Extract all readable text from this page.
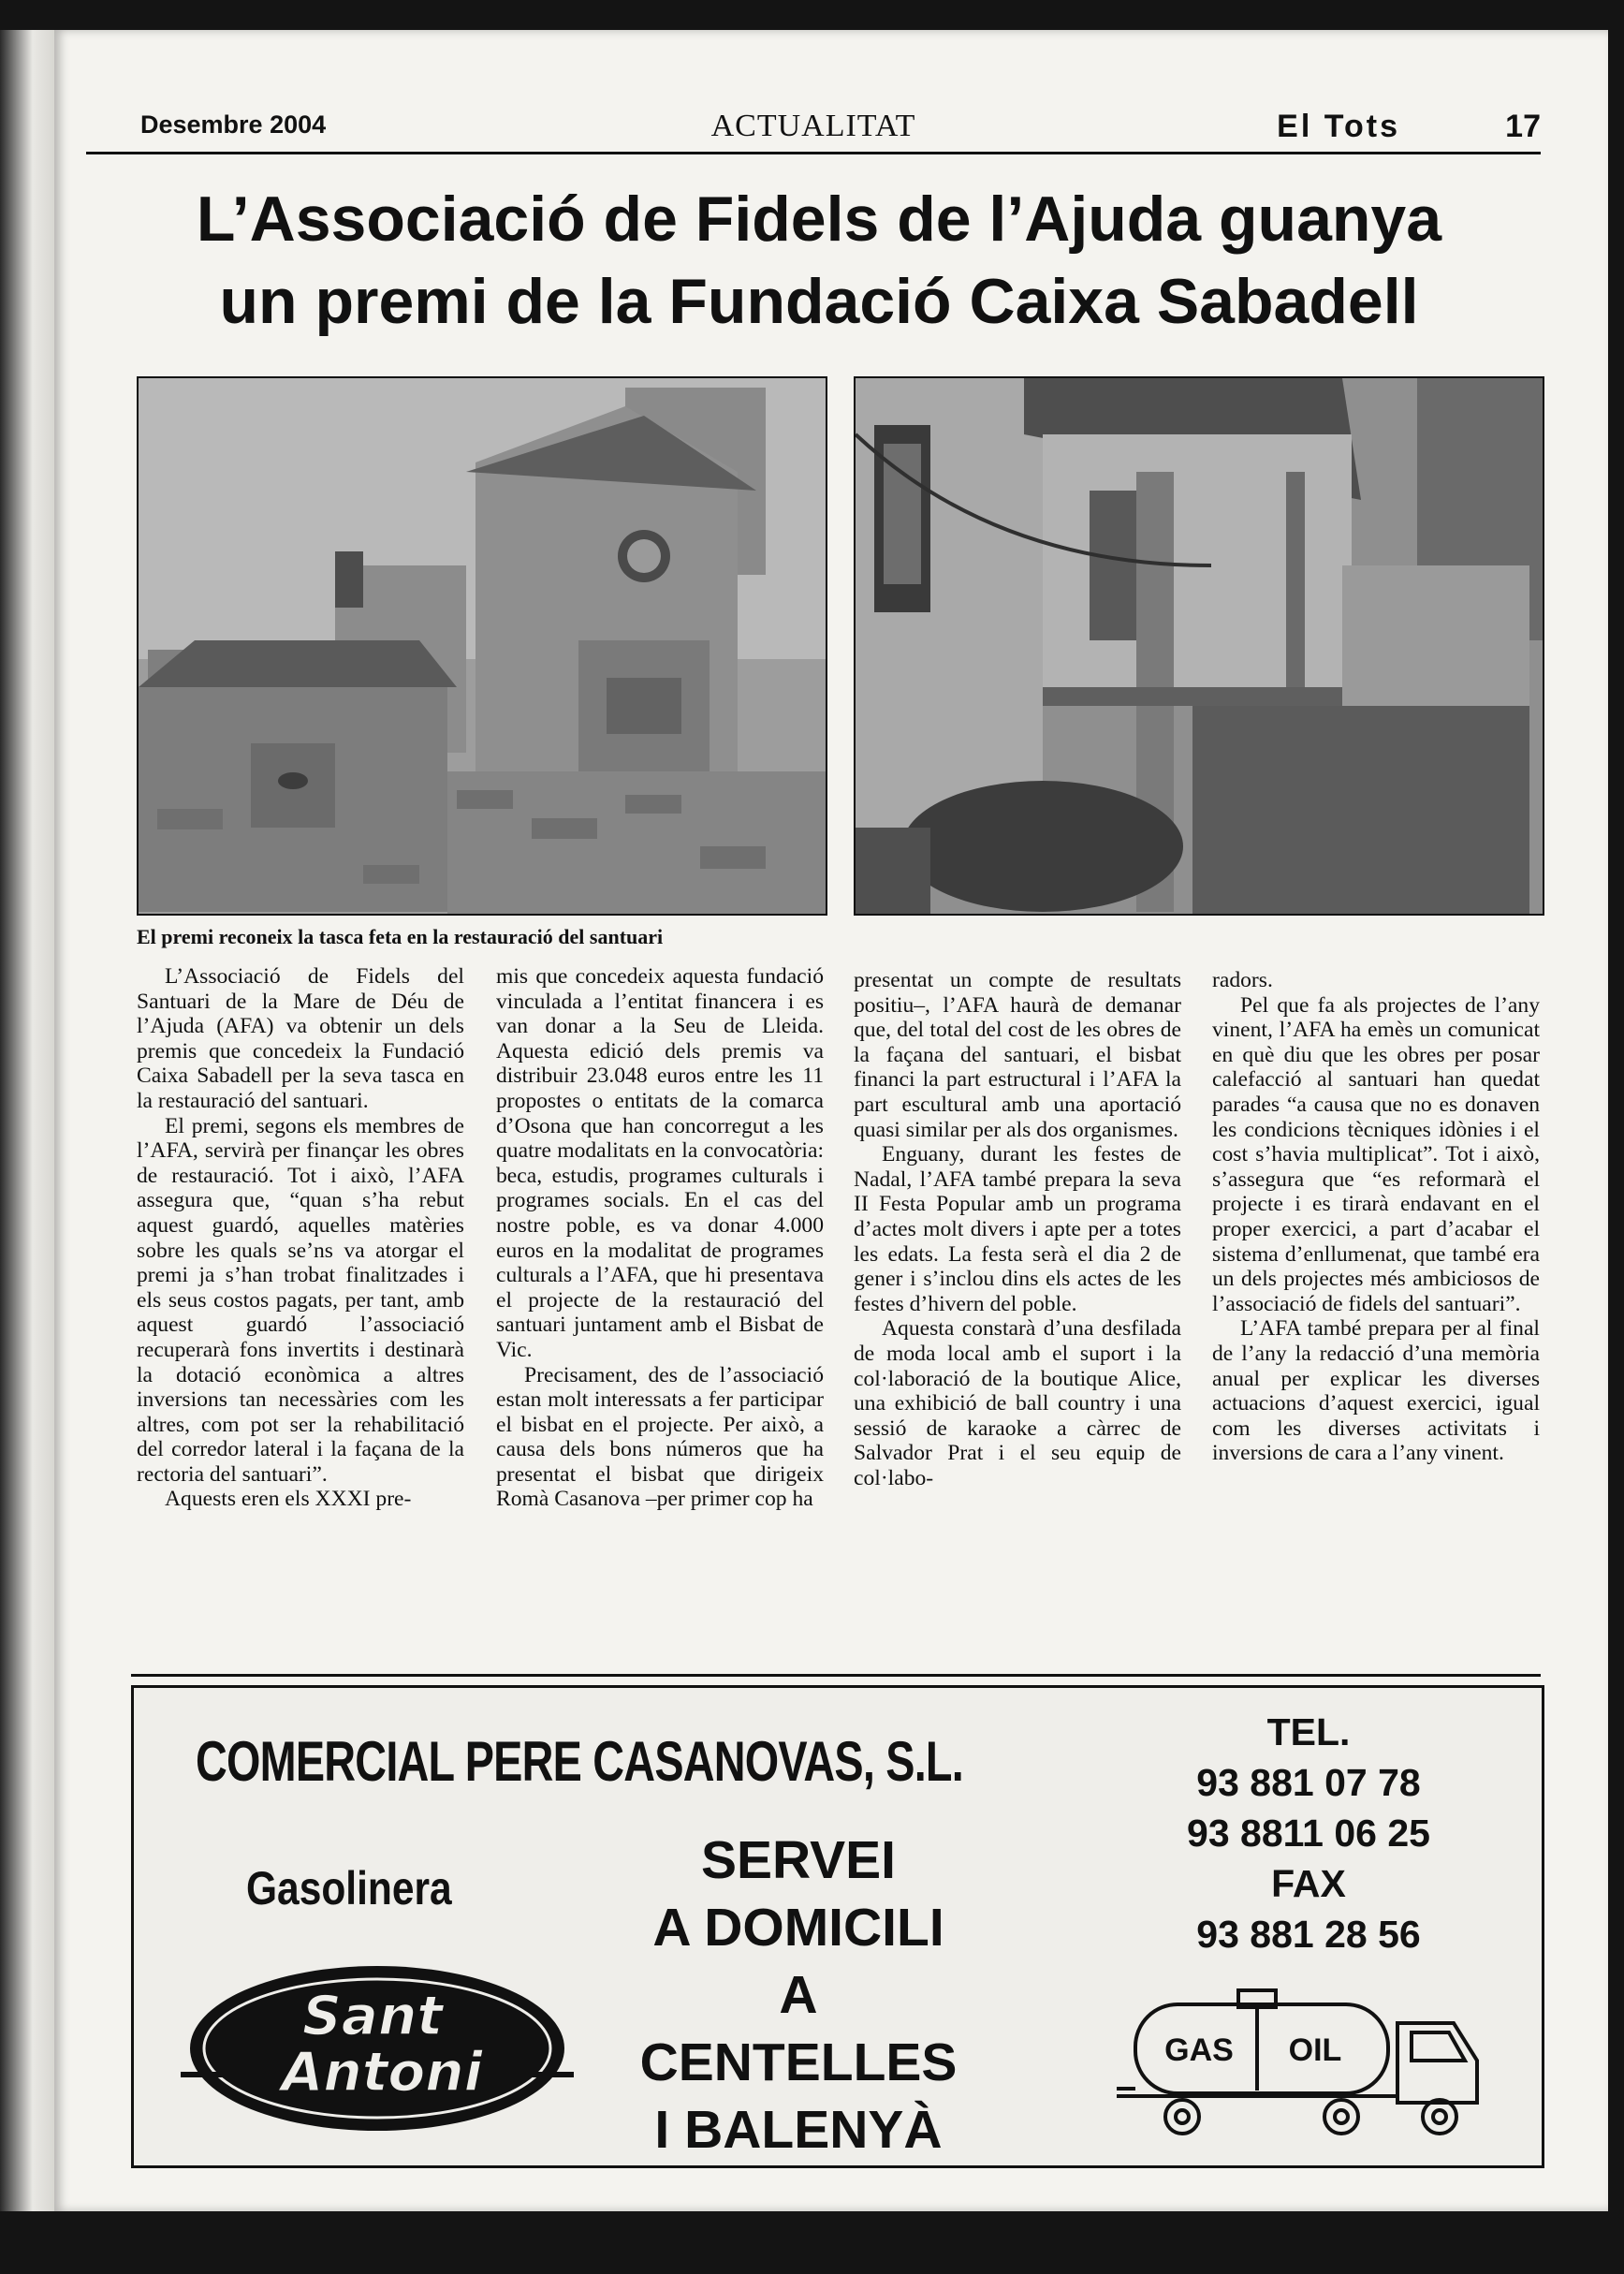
Desembre 2004	ACTUALITAT	El Tots	17
L’Associació de Fidels de l’Ajuda guanya
un premi de la Fundació Caixa Sabadell
El premi reconeix la tasca feta en la restauració del santuari

L’Associació de Fidels del Santuari de la Mare de Déu de l’Ajuda (AFA) va obtenir un dels premis que concedeix la Fundació Caixa Sabadell per la seva tasca en la restauració del santuari.

El premi, segons els membres de l’AFA, servirà per finançar les obres de restauració. Tot i això, l’AFA assegura que, “quan s’ha rebut aquest guardó, aquelles matèries sobre les quals se’ns va atorgar el premi ja s’han trobat finalitzades i els seus costos pagats, per tant, amb aquest guardó l’associació recuperarà fons invertits i destinarà la dotació econòmica a altres inversions tan necessàries com les altres, com pot ser la rehabilitació del corredor lateral i la façana de la rectoria del santuari”.

Aquests eren els XXXI pre-

mis que concedeix aquesta fundació vinculada a l’entitat financera i es van donar a la Seu de Lleida. Aquesta edició dels premis va distribuir 23.048 euros entre les 11 propostes o entitats de la comarca d’Osona que han concorregut a les quatre modalitats en la convocatòria: beca, estudis, programes culturals i programes socials. En el cas del nostre poble, es va donar 4.000 euros en la modalitat de programes culturals a l’AFA, que hi presentava el projecte de la restauració del santuari juntament amb el Bisbat de Vic.

Precisament, des de l’associació estan molt interessats a fer participar el bisbat en el projecte. Per això, a causa dels bons números que ha presentat el bisbat que dirigeix Romà Casanova –per primer cop ha

presentat un compte de resultats positiu–, l’AFA haurà de demanar que, del total del cost de les obres de la façana del santuari, el bisbat financi la part estructural i l’AFA la part escultural amb una aportació quasi similar per als dos organismes.

Enguany, durant les festes de Nadal, l’AFA també prepara la seva II Festa Popular amb un programa d’actes molt divers i apte per a totes les edats. La festa serà el dia 2 de gener i s’inclou dins els actes de les festes d’hivern del poble.

Aquesta constarà d’una desfilada de moda local amb el suport i la col·laboració de la boutique Alice, una exhibició de ball country i una sessió de karaoke a càrrec de Salvador Prat i el seu equip de col·labo-

radors.

Pel que fa als projectes de l’any vinent, l’AFA ha emès un comunicat en què diu que les obres per posar calefacció al santuari han quedat parades “a causa que no es donaven les condicions tècniques idònies i el cost s’havia multiplicat”. Tot i això, s’assegura que “es reformarà el projecte i es tirarà endavant en el proper exercici, a part d’acabar el sistema d’enllumenat, que també era un dels projectes més ambiciosos de l’associació de fidels del santuari”.

L’AFA també prepara per al final de l’any la redacció d’una memòria anual per explicar les diverses actuacions d’aquest exercici, igual com les diverses activitats i inversions de cara a l’any vinent.

COMERCIAL PERE CASANOVAS, S.L.
Gasolinera
Sant
Antoni
SERVEI
A DOMICILI
A CENTELLES
I BALENYÀ
TEL.
93 881 07 78
93 8811 06 25
FAX
93 881 28 56
GAS OIL
